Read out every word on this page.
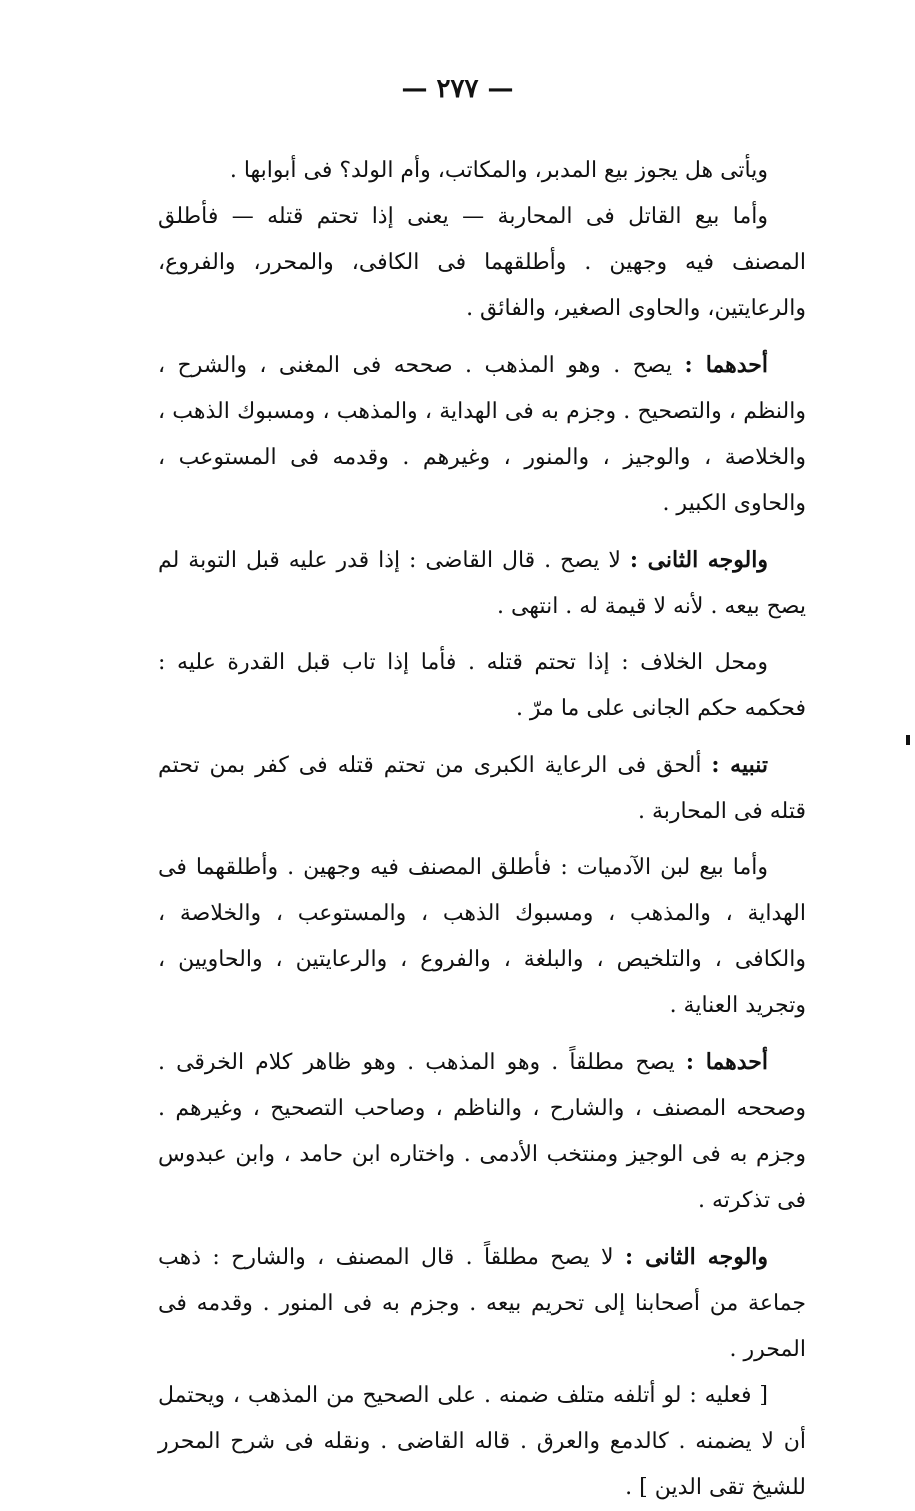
— ٢٧٧ —

ويأتى هل يجوز بيع المدبر، والمكاتب، وأم الولد؟ فى أبوابها .

وأما بيع القاتل فى المحاربة — يعنى إذا تحتم قتله — فأطلق المصنف فيه وجهين . وأطلقهما فى الكافى، والمحرر، والفروع، والرعايتين، والحاوى الصغير، والفائق .

أحدهما : يصح . وهو المذهب . صححه فى المغنى ، والشرح ، والنظم ، والتصحيح . وجزم به فى الهداية ، والمذهب ، ومسبوك الذهب ، والخلاصة ، والوجيز ، والمنور ، وغيرهم . وقدمه فى المستوعب ، والحاوى الكبير .

والوجه الثانى : لا يصح . قال القاضى : إذا قدر عليه قبل التوبة لم يصح بيعه . لأنه لا قيمة له . انتهى .

ومحل الخلاف : إذا تحتم قتله . فأما إذا تاب قبل القدرة عليه : فحكمه حكم الجانى على ما مرّ .

تنبيه : ألحق فى الرعاية الكبرى من تحتم قتله فى كفر بمن تحتم قتله فى المحاربة .

وأما بيع لبن الآدميات : فأطلق المصنف فيه وجهين . وأطلقهما فى الهداية ، والمذهب ، ومسبوك الذهب ، والمستوعب ، والخلاصة ، والكافى ، والتلخيص ، والبلغة ، والفروع ، والرعايتين ، والحاويين ، وتجريد العناية .

أحدهما : يصح مطلقاً . وهو المذهب . وهو ظاهر كلام الخرقى . وصححه المصنف ، والشارح ، والناظم ، وصاحب التصحيح ، وغيرهم . وجزم به فى الوجيز ومنتخب الأدمى . واختاره ابن حامد ، وابن عبدوس فى تذكرته .

والوجه الثانى : لا يصح مطلقاً . قال المصنف ، والشارح : ذهب جماعة من أصحابنا إلى تحريم بيعه . وجزم به فى المنور . وقدمه فى المحرر .

[ فعليه : لو أتلفه متلف ضمنه . على الصحيح من المذهب ، ويحتمل أن لا يضمنه . كالدمع والعرق . قاله القاضى . ونقله فى شرح المحرر للشيخ تقى الدين ] .
